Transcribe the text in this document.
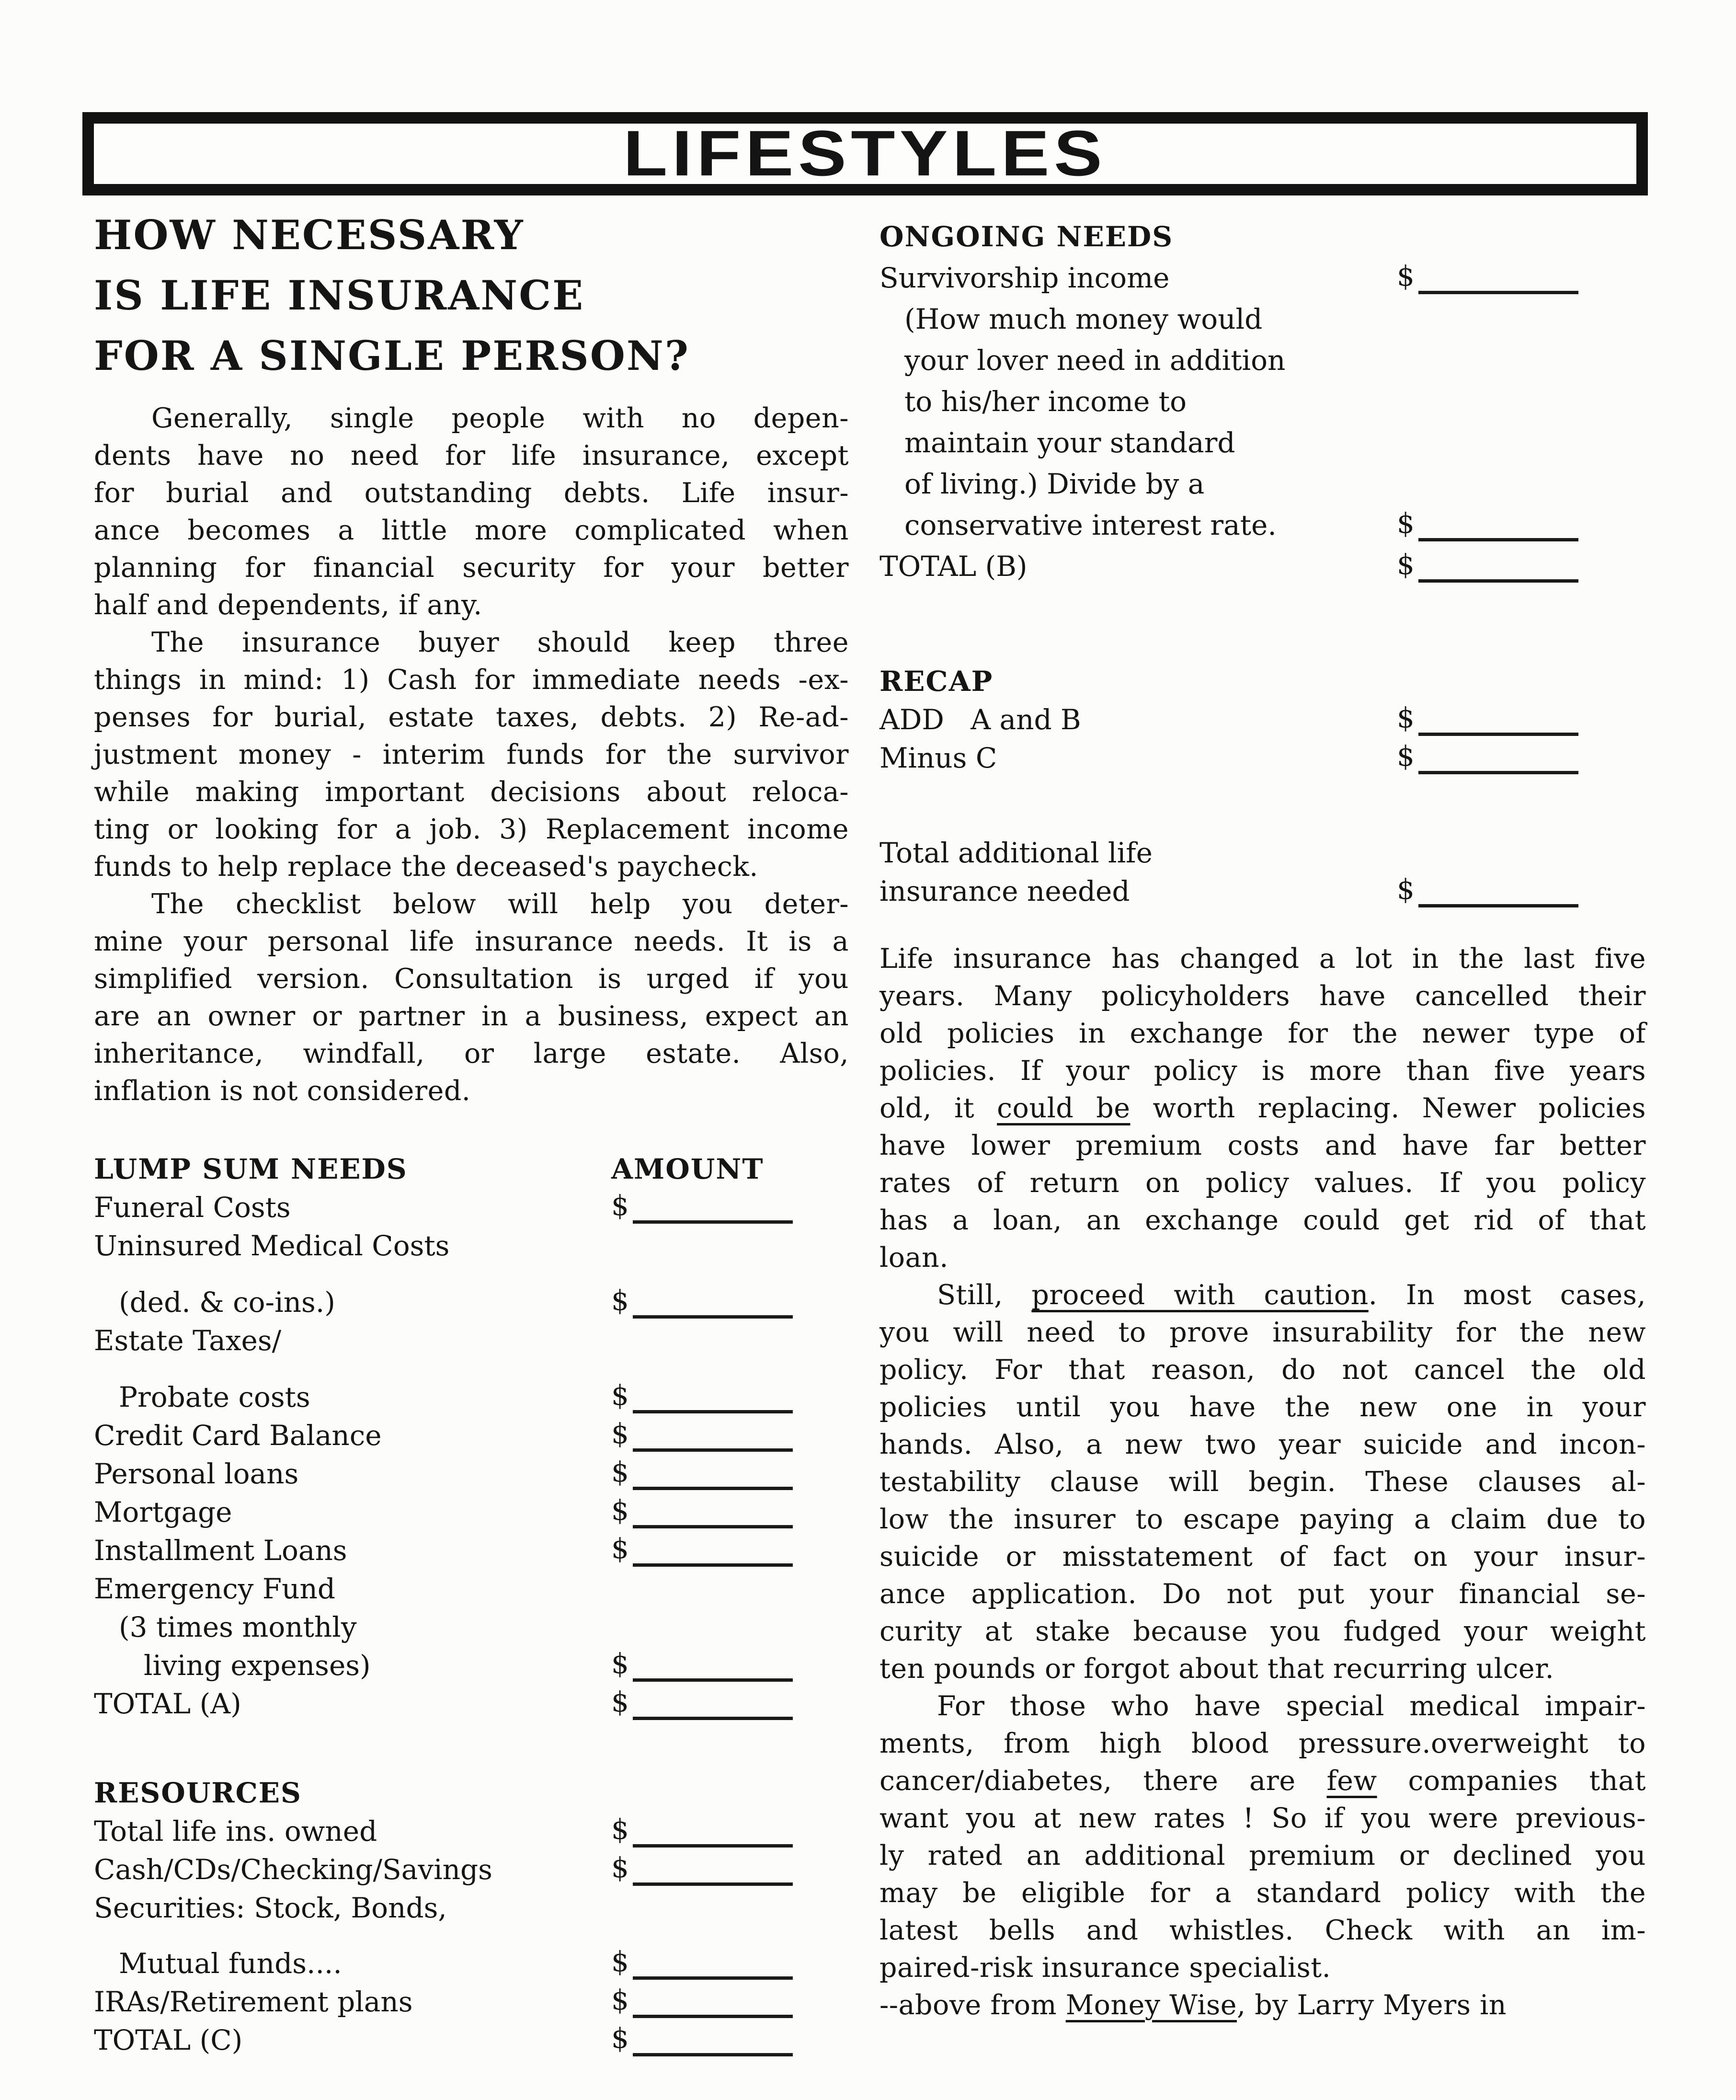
LIFESTYLES
HOW NECESSARY
IS LIFE INSURANCE
FOR A SINGLE PERSON?
Generally, single people with no depen-
dents have no need for life insurance, except
for burial and outstanding debts. Life insur-
ance becomes a little more complicated when
planning for financial security for your better
half and dependents, if any.
The insurance buyer should keep three
things in mind: 1) Cash for immediate needs -ex-
penses for burial, estate taxes, debts. 2) Re-ad-
justment money - interim funds for the survivor
while making important decisions about reloca-
ting or looking for a job. 3) Replacement income
funds to help replace the deceased's paycheck.
The checklist below will help you deter-
mine your personal life insurance needs. It is a
simplified version. Consultation is urged if you
are an owner or partner in a business, expect an
inheritance, windfall, or large estate. Also,
inflation is not considered.
LUMP SUM NEEDS	AMOUNT
Funeral Costs	$
Uninsured Medical Costs
(ded. & co-ins.)	$
Estate Taxes/
Probate costs	$
Credit Card Balance	$
Personal loans	$
Mortgage	$
Installment Loans	$
Emergency Fund
(3 times monthly
living expenses)	$
TOTAL (A)	$
RESOURCES
Total life ins. owned	$
Cash/CDs/Checking/Savings	$
Securities: Stock, Bonds,
Mutual funds....	$
IRAs/Retirement plans	$
TOTAL (C)	$
ONGOING NEEDS
Survivorship income	$
(How much money would
your lover need in addition
to his/her income to
maintain your standard
of living.) Divide by a
conservative interest rate.	$
TOTAL (B)	$
RECAP
ADD   A and B	$
Minus C	$
Total additional life
insurance needed	$
Life insurance has changed a lot in the last five
years. Many policyholders have cancelled their
old policies in exchange for the newer type of
policies. If your policy is more than five years
old, it could be worth replacing. Newer policies
have lower premium costs and have far better
rates of return on policy values. If you policy
has a loan, an exchange could get rid of that
loan.
Still, proceed with caution. In most cases,
you will need to prove insurability for the new
policy. For that reason, do not cancel the old
policies until you have the new one in your
hands. Also, a new two year suicide and incon-
testability clause will begin. These clauses al-
low the insurer to escape paying a claim due to
suicide or misstatement of fact on your insur-
ance application. Do not put your financial se-
curity at stake because you fudged your weight
ten pounds or forgot about that recurring ulcer.
For those who have special medical impair-
ments, from high blood pressure.overweight to
cancer/diabetes, there are few companies that
want you at new rates ! So if you were previous-
ly rated an additional premium or declined you
may be eligible for a standard policy with the
latest bells and whistles. Check with an im-
paired-risk insurance specialist.
--above from Money Wise, by Larry Myers in
